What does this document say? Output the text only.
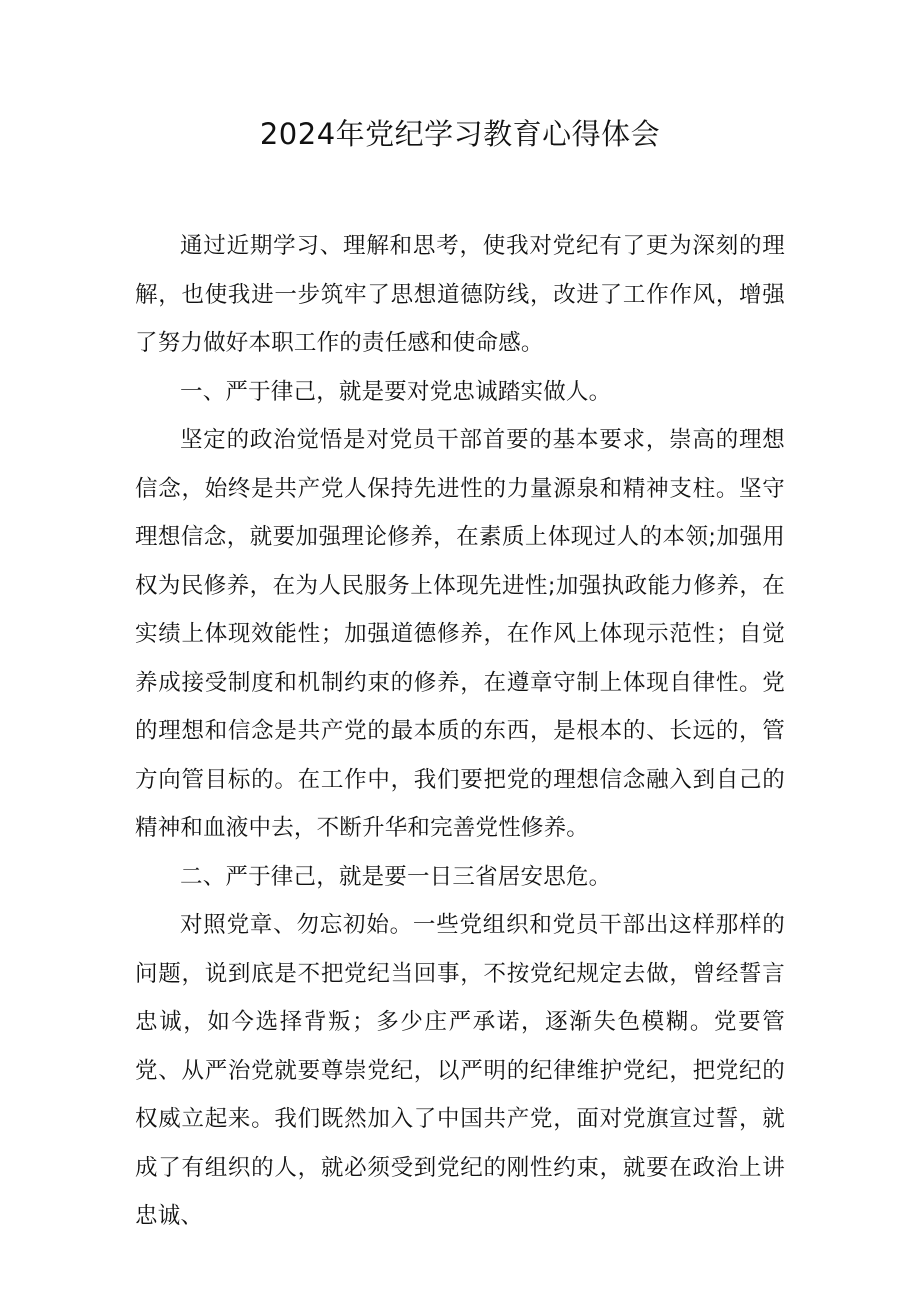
2024年党纪学习教育心得体会

通过近期学习、理解和思考，使我对党纪有了更为深刻的理解，也使我进一步筑牢了思想道德防线，改进了工作作风，增强了努力做好本职工作的责任感和使命感。

一、严于律己，就是要对党忠诚踏实做人。

坚定的政治觉悟是对党员干部首要的基本要求，崇高的理想信念，始终是共产党人保持先进性的力量源泉和精神支柱。坚守理想信念，就要加强理论修养，在素质上体现过人的本领;加强用权为民修养，在为人民服务上体现先进性;加强执政能力修养，在实绩上体现效能性；加强道德修养，在作风上体现示范性；自觉养成接受制度和机制约束的修养，在遵章守制上体现自律性。党的理想和信念是共产党的最本质的东西，是根本的、长远的，管方向管目标的。在工作中，我们要把党的理想信念融入到自己的精神和血液中去，不断升华和完善党性修养。

二、严于律己，就是要一日三省居安思危。

对照党章、勿忘初始。一些党组织和党员干部出这样那样的问题，说到底是不把党纪当回事，不按党纪规定去做，曾经誓言忠诚，如今选择背叛；多少庄严承诺，逐渐失色模糊。党要管党、从严治党就要尊崇党纪，以严明的纪律维护党纪，把党纪的权威立起来。我们既然加入了中国共产党，面对党旗宣过誓，就成了有组织的人，就必须受到党纪的刚性约束，就要在政治上讲忠诚、
